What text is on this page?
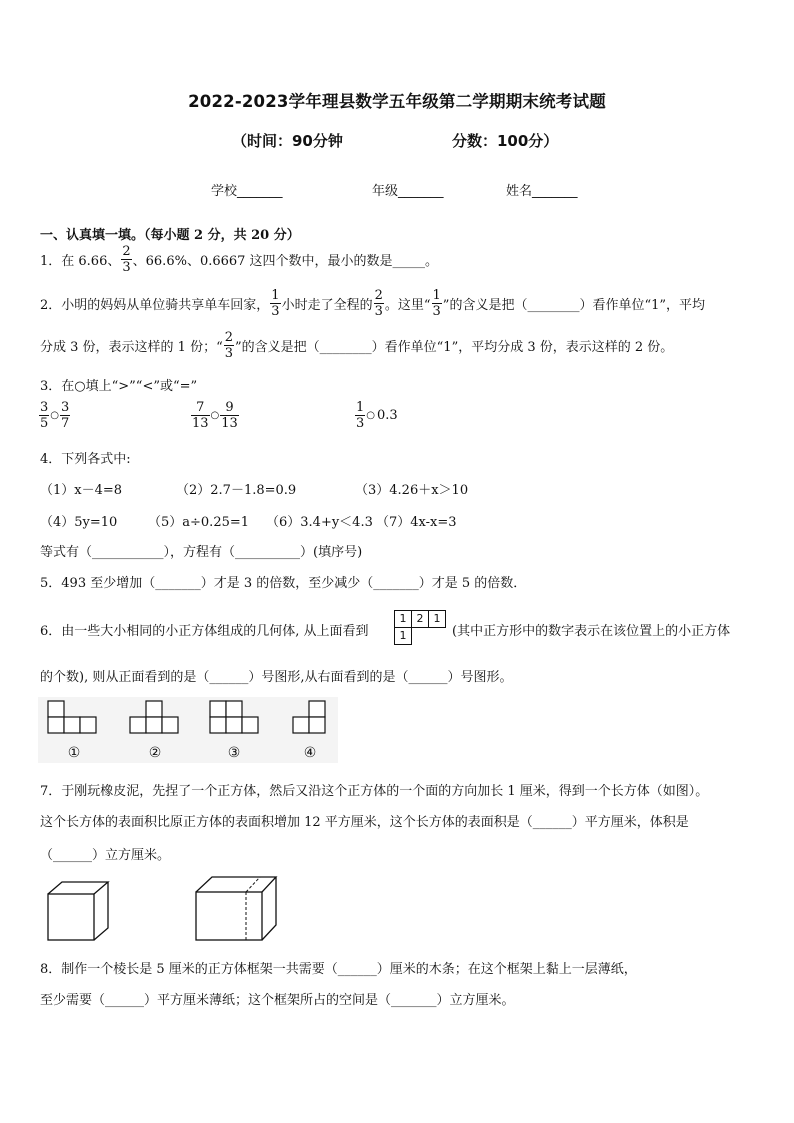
2022-2023学年理县数学五年级第二学期期末统考试题
（时间：90分钟	分数：100分）
学校_______	年级_______	姓名_______
一、认真填一填。（每小题 2 分，共 20 分）
1．在 6.66、 $\frac{2}{3}$ 、66.6%、0.6667 这四个数中，最小的数是_____。
2．小明的妈妈从单位骑共享单车回家， $\frac{1}{3}$ 小时走了全程的 $\frac{2}{3}$ 。这里“ $\frac{1}{3}$ ”的含义是把（________）看作单位“1”，平均
分成 3 份，表示这样的 1 份；“ $\frac{2}{3}$ ”的含义是把（________）看作单位“1”，平均分成 3 份，表示这样的 2 份。
3．在○填上“>”“<”或“=”
$\frac{3}{5}$ ○ $\frac{3}{7}$	$\frac{7}{13}$ ○ $\frac{9}{13}$	$\frac{1}{3}$ ○ 0.3
4．下列各式中:
（1）x－4=8	（2）2.7－1.8=0.9	（3）4.26＋x＞10
（4）5y=10 （5）a÷0.25=1 （6）3.4+y＜4.3 （7）4x-x=3
等式有（___________），方程有（__________）(填序号)
5．493 至少增加（_______）才是 3 的倍数，至少减少（_______）才是 5 的倍数．
6．由一些大小相同的小正方体组成的几何体, 从上面看到
1 2 1
1	(其中正方形中的数字表示在该位置上的小正方体
的个数), 则从正面看到的是（______）号图形,从右面看到的是（______）号图形。
①	②	③	④
7．于刚玩橡皮泥，先捏了一个正方体，然后又沿这个正方体的一个面的方向加长 1 厘米，得到一个长方体（如图）。
这个长方体的表面积比原正方体的表面积增加 12 平方厘米，这个长方体的表面积是（______）平方厘米，体积是
（______）立方厘米。
8．制作一个棱长是 5 厘米的正方体框架一共需要（______）厘米的木条；在这个框架上黏上一层薄纸，
至少需要（______）平方厘米薄纸；这个框架所占的空间是（_______）立方厘米。
